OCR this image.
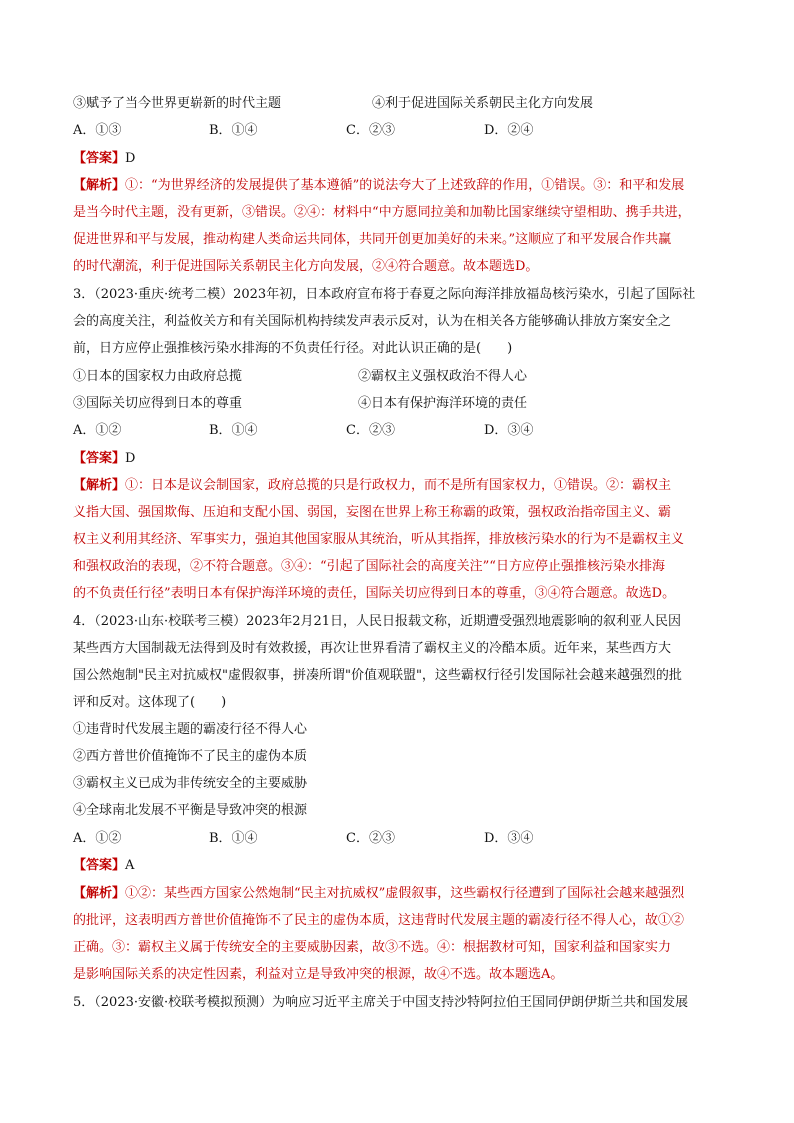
③赋予了当今世界更崭新的时代主题	④利于促进国际关系朝民主化方向发展
A．①③	B．①④	C．②③	D．②④
【答案】D
【解析】①：“为世界经济的发展提供了基本遵循”的说法夸大了上述致辞的作用，①错误。③：和平和发展
是当今时代主题，没有更新，③错误。②④：材料中“中方愿同拉美和加勒比国家继续守望相助、携手共进，
促进世界和平与发展，推动构建人类命运共同体，共同开创更加美好的未来。”这顺应了和平发展合作共赢
的时代潮流，利于促进国际关系朝民主化方向发展，②④符合题意。故本题选D。
3．（2023·重庆·统考二模）2023年初，日本政府宣布将于春夏之际向海洋排放福岛核污染水，引起了国际社
会的高度关注，利益攸关方和有关国际机构持续发声表示反对，认为在相关各方能够确认排放方案安全之
前，日方应停止强推核污染水排海的不负责任行径。对此认识正确的是(　　)
①日本的国家权力由政府总揽	②霸权主义强权政治不得人心
③国际关切应得到日本的尊重	④日本有保护海洋环境的责任
A．①②	B．①④	C．②③	D．③④
【答案】D
【解析】①：日本是议会制国家，政府总揽的只是行政权力，而不是所有国家权力，①错误。②：霸权主
义指大国、强国欺侮、压迫和支配小国、弱国，妄图在世界上称王称霸的政策，强权政治指帝国主义、霸
权主义利用其经济、军事实力，强迫其他国家服从其统治，听从其指挥，排放核污染水的行为不是霸权主义
和强权政治的表现，②不符合题意。③④：“引起了国际社会的高度关注”“日方应停止强推核污染水排海
的不负责任行径”表明日本有保护海洋环境的责任，国际关切应得到日本的尊重，③④符合题意。故选D。
4．（2023·山东·校联考三模）2023年2月21日，人民日报载文称，近期遭受强烈地震影响的叙利亚人民因
某些西方大国制裁无法得到及时有效救援，再次让世界看清了霸权主义的冷酷本质。近年来，某些西方大
国公然炮制"民主对抗威权"虚假叙事，拼凑所谓"价值观联盟"，这些霸权行径引发国际社会越来越强烈的批
评和反对。这体现了(　　)
①违背时代发展主题的霸凌行径不得人心
②西方普世价值掩饰不了民主的虚伪本质
③霸权主义已成为非传统安全的主要威胁
④全球南北发展不平衡是导致冲突的根源
A．①②	B．①④	C．②③	D．③④
【答案】A
【解析】①②：某些西方国家公然炮制“民主对抗威权”虚假叙事，这些霸权行径遭到了国际社会越来越强烈
的批评，这表明西方普世价值掩饰不了民主的虚伪本质，这违背时代发展主题的霸凌行径不得人心，故①②
正确。③：霸权主义属于传统安全的主要威胁因素，故③不选。④：根据教材可知，国家利益和国家实力
是影响国际关系的决定性因素，利益对立是导致冲突的根源，故④不选。故本题选A。
5．（2023·安徽·校联考模拟预测）为响应习近平主席关于中国支持沙特阿拉伯王国同伊朗伊斯兰共和国发展
